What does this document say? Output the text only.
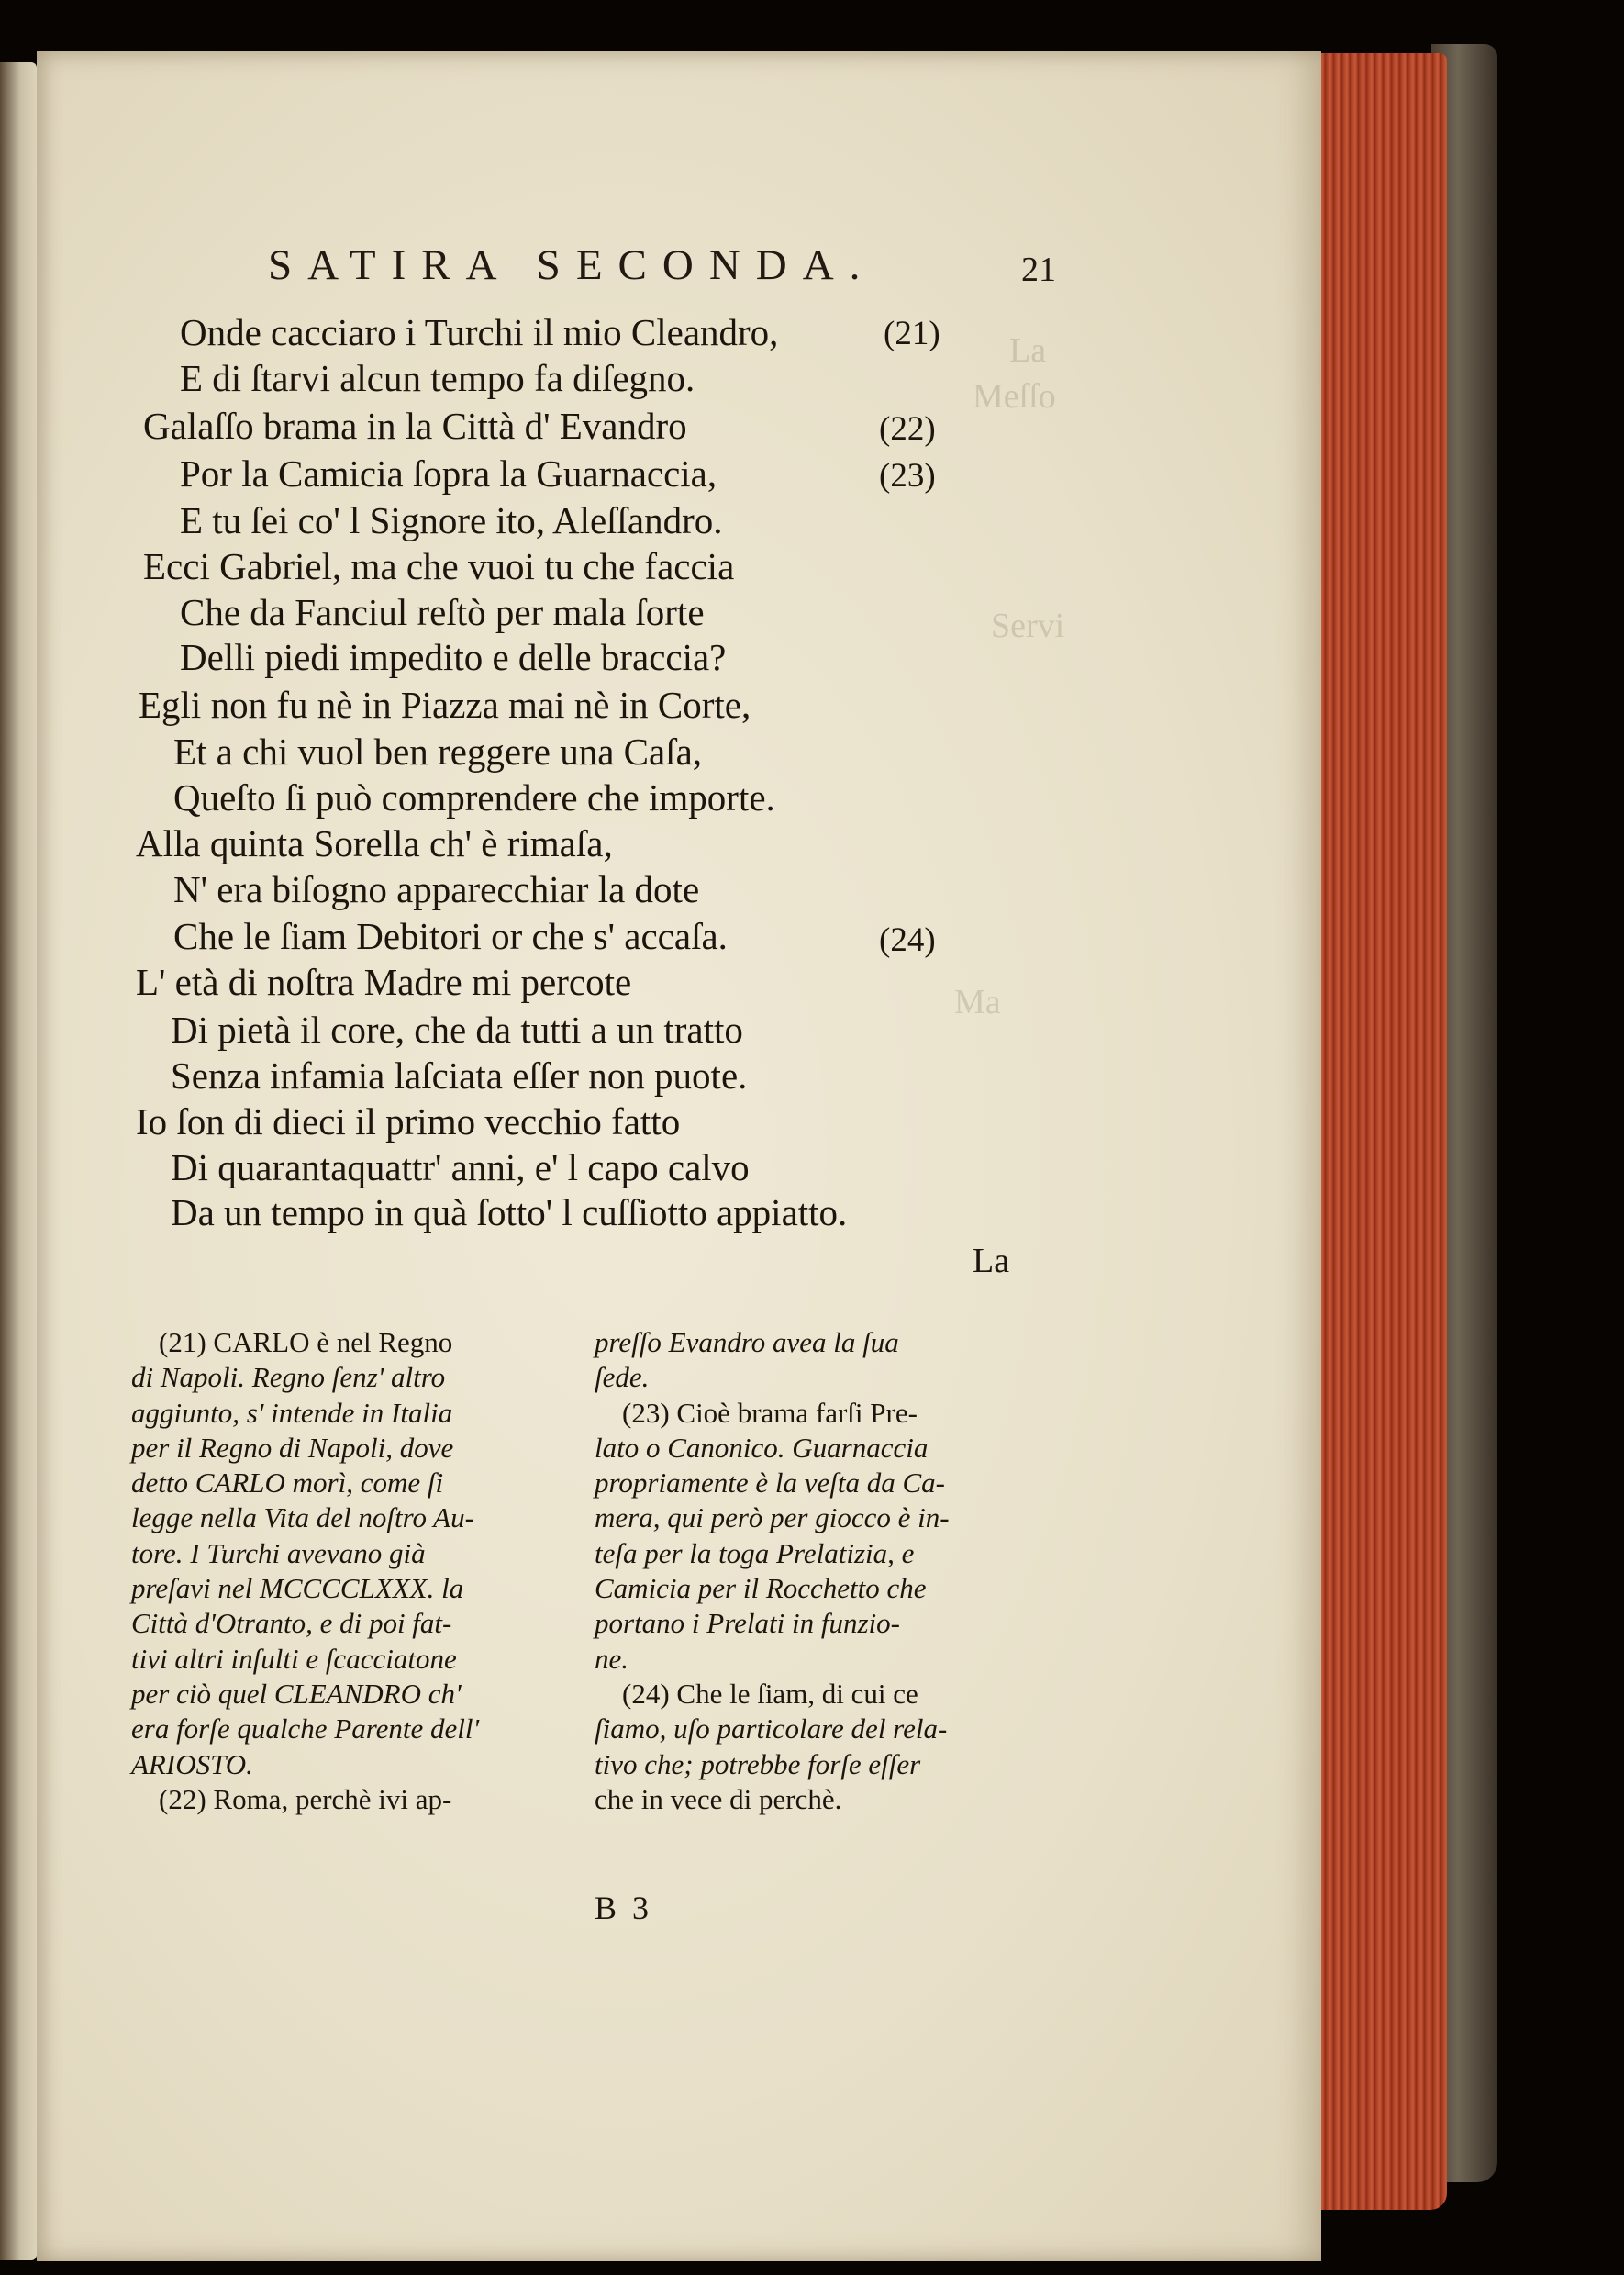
La
Meſſo
Servi
Ma
SATIRA SECONDA.	21
Onde cacciaro i Turchi il mio Cleandro,	(21)
E di ſtarvi alcun tempo fa diſegno.
Galaſſo brama in la Città d' Evandro	(22)
Por la Camicia ſopra la Guarnaccia,	(23)
E tu ſei co' l Signore ito, Aleſſandro.
Ecci Gabriel, ma che vuoi tu che faccia
Che da Fanciul reſtò per mala ſorte
Delli piedi impedito e delle braccia?
Egli non fu nè in Piazza mai nè in Corte,
Et a chi vuol ben reggere una Caſa,
Queſto ſi può comprendere che importe.
Alla quinta Sorella ch' è rimaſa,
N' era biſogno apparecchiar la dote
Che le ſiam Debitori or che s' accaſa.	(24)
L' età di noſtra Madre mi percote
Di pietà il core, che da tutti a un tratto
Senza infamia laſciata eſſer non puote.
Io ſon di dieci il primo vecchio fatto
Di quarantaquattr' anni, e' l capo calvo
Da un tempo in quà ſotto' l cuſſiotto appiatto.
La
(21) CARLO è nel Regno
di Napoli. Regno ſenz' altro
aggiunto, s' intende in Italia
per il Regno di Napoli, dove
detto CARLO morì, come ſi
legge nella Vita del noſtro Au-
tore. I Turchi avevano già
preſavi nel MCCCCLXXX. la
Città d'Otranto, e di poi fat-
tivi altri inſulti e ſcacciatone
per ciò quel CLEANDRO ch'
era forſe qualche Parente dell'
ARIOSTO.
(22) Roma, perchè ivi ap-
preſſo Evandro avea la ſua
ſede.
(23) Cioè brama farſi Pre-
lato o Canonico. Guarnaccia
propriamente è la veſta da Ca-
mera, qui però per giocco è in-
teſa per la toga Prelatizia, e
Camicia per il Rocchetto che
portano i Prelati in funzio-
ne.
(24) Che le ſiam, di cui ce
ſiamo, uſo particolare del rela-
tivo che; potrebbe forſe eſſer
che in vece di perchè.
B 3
